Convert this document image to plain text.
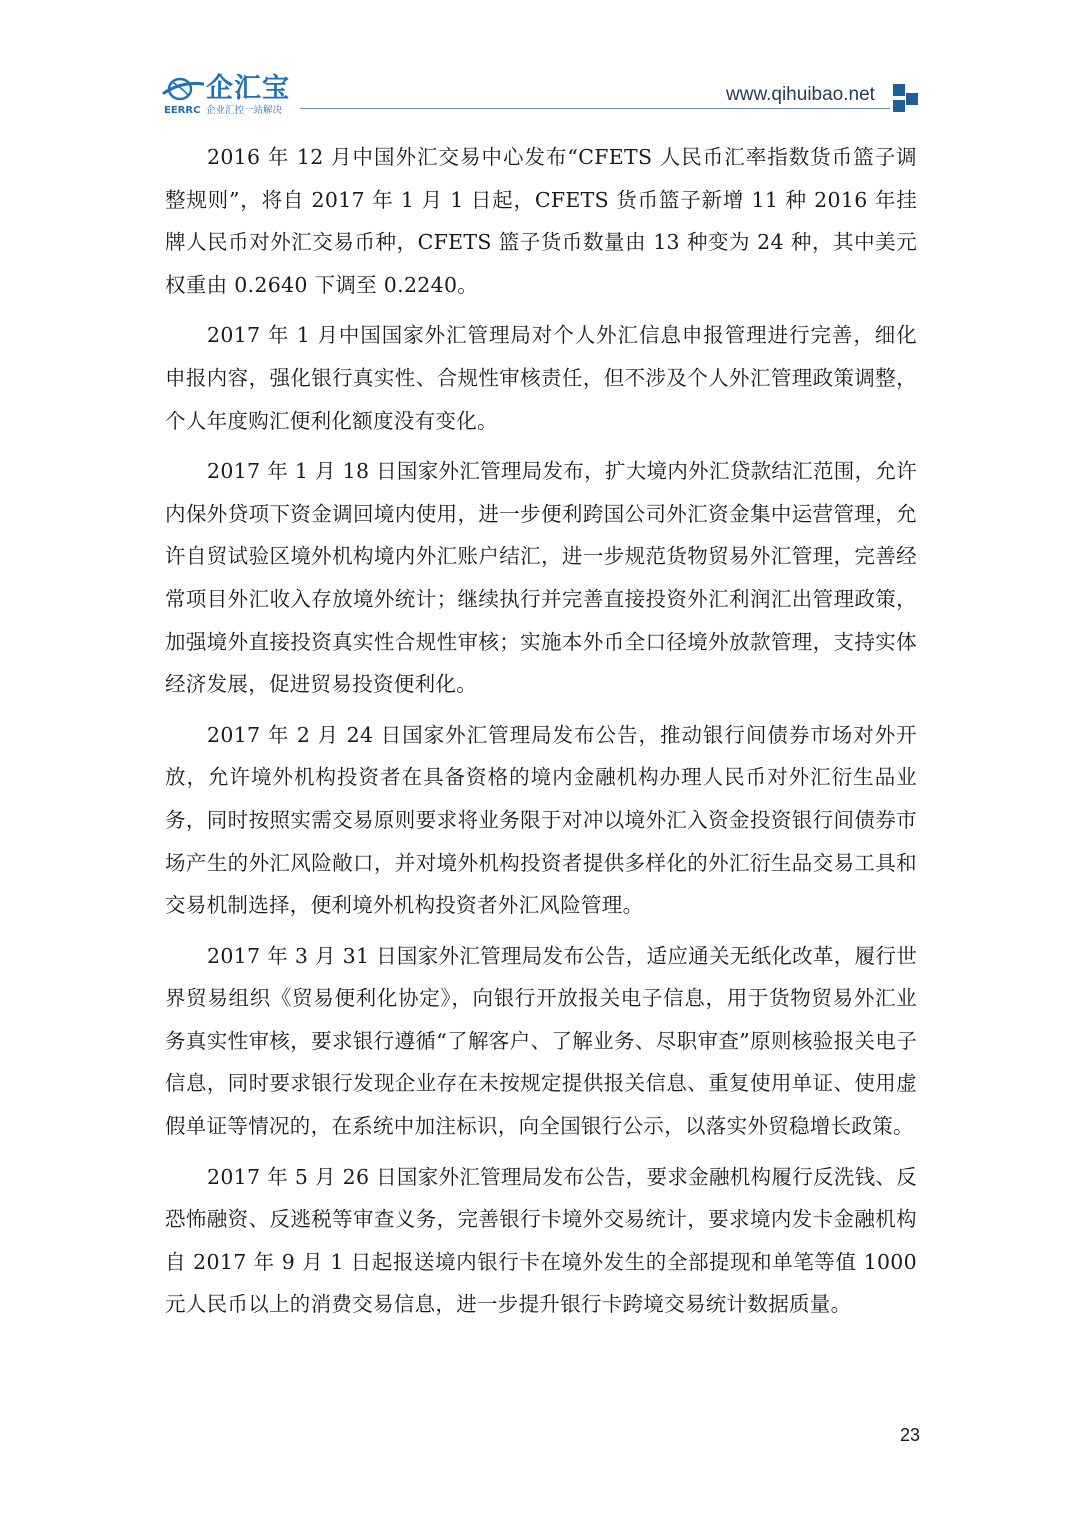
企汇宝
EERRC 企业汇控一站解决
www.qihuibao.net

2016 年 12 月中国外汇交易中心发布“CFETS 人民币汇率指数货币篮子调整规则”，将自 2017 年 1 月 1 日起，CFETS 货币篮子新增 11 种 2016 年挂牌人民币对外汇交易币种，CFETS 篮子货币数量由 13 种变为 24 种，其中美元权重由 0.2640 下调至 0.2240。

2017 年 1 月中国国家外汇管理局对个人外汇信息申报管理进行完善，细化申报内容，强化银行真实性、合规性审核责任，但不涉及个人外汇管理政策调整，个人年度购汇便利化额度没有变化。

2017 年 1 月 18 日国家外汇管理局发布，扩大境内外汇贷款结汇范围，允许内保外贷项下资金调回境内使用，进一步便利跨国公司外汇资金集中运营管理，允许自贸试验区境外机构境内外汇账户结汇，进一步规范货物贸易外汇管理，完善经常项目外汇收入存放境外统计；继续执行并完善直接投资外汇利润汇出管理政策，加强境外直接投资真实性合规性审核；实施本外币全口径境外放款管理，支持实体经济发展，促进贸易投资便利化。

2017 年 2 月 24 日国家外汇管理局发布公告，推动银行间债券市场对外开放，允许境外机构投资者在具备资格的境内金融机构办理人民币对外汇衍生品业务，同时按照实需交易原则要求将业务限于对冲以境外汇入资金投资银行间债券市场产生的外汇风险敞口，并对境外机构投资者提供多样化的外汇衍生品交易工具和交易机制选择，便利境外机构投资者外汇风险管理。

2017 年 3 月 31 日国家外汇管理局发布公告，适应通关无纸化改革，履行世界贸易组织《贸易便利化协定》，向银行开放报关电子信息，用于货物贸易外汇业务真实性审核，要求银行遵循“了解客户、了解业务、尽职审查”原则核验报关电子信息，同时要求银行发现企业存在未按规定提供报关信息、重复使用单证、使用虚假单证等情况的，在系统中加注标识，向全国银行公示，以落实外贸稳增长政策。

2017 年 5 月 26 日国家外汇管理局发布公告，要求金融机构履行反洗钱、反恐怖融资、反逃税等审查义务，完善银行卡境外交易统计，要求境内发卡金融机构自 2017 年 9 月 1 日起报送境内银行卡在境外发生的全部提现和单笔等值 1000 元人民币以上的消费交易信息，进一步提升银行卡跨境交易统计数据质量。

23
